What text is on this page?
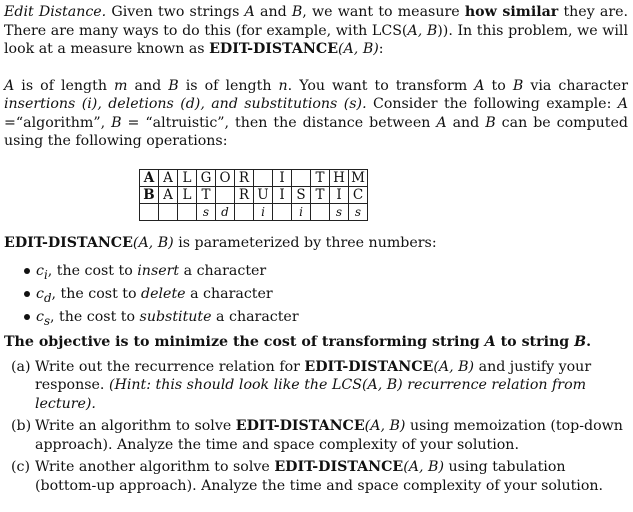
Edit Distance. Given two strings A and B, we want to measure how similar they are. There are many ways to do this (for example, with LCS(A, B)). In this problem, we will look at a measure known as EDIT-DISTANCE(A, B):

A is of length m and B is of length n. You want to transform A to B via character insertions (i), deletions (d), and substitutions (s). Consider the following example: A =“algorithm”, B = “altruistic”, then the distance between A and B can be computed using the following operations:

A	A	L	G	O	R		I		T	H	M
B	A	L	T		R	U	I	S	T	I	C
			s	d		i		i		s	s

EDIT-DISTANCE(A, B) is parameterized by three numbers:

$c_i$, the cost to insert a character
$c_d$, the cost to delete a character
$c_s$, the cost to substitute a character

The objective is to minimize the cost of transforming string A to string B.

(a) Write out the recurrence relation for EDIT-DISTANCE(A, B) and justify your response. (Hint: this should look like the LCS(A, B) recurrence relation from lecture).
(b) Write an algorithm to solve EDIT-DISTANCE(A, B) using memoization (top-down approach). Analyze the time and space complexity of your solution.
(c) Write another algorithm to solve EDIT-DISTANCE(A, B) using tabulation (bottom-up approach). Analyze the time and space complexity of your solution.
